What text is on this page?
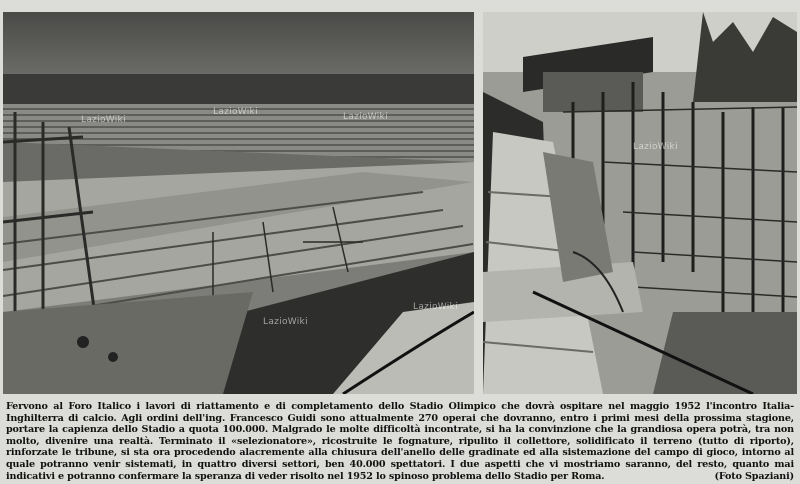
LazioWiki
LazioWiki	LazioWiki
LazioWiki
LazioWiki
LazioWiki
Fervono al Foro Italico i lavori di riattamento e di completamento dello Stadio Olimpico che dovrà ospitare nel maggio 1952 l'incontro Italia-Inghilterra di calcio. Agli ordini dell'ing. Francesco Guidi sono attualmente 270 operai che dovranno, entro i primi mesi della prossima stagione, portare la capienza dello Stadio a quota 100.000. Malgrado le molte difficoltà incontrate, si ha la convinzione che la grandiosa opera potrà, tra non molto, divenire una realtà. Terminato il «selezionatore», ricostruite le fognature, ripulito il collettore, solidificato il terreno (tutto di riporto), rinforzate le tribune, si sta ora procedendo alacremente alla chiusura dell'anello delle gradinate ed alla sistemazione del campo di gioco, intorno al quale potranno venir sistemati, in quattro diversi settori, ben 40.000 spettatori. I due aspetti che vi mostriamo saranno, del resto, quanto mai indicativi e potranno confermare la speranza di veder risolto nel 1952 lo spinoso problema dello Stadio per Roma.	(Foto Spaziani)
